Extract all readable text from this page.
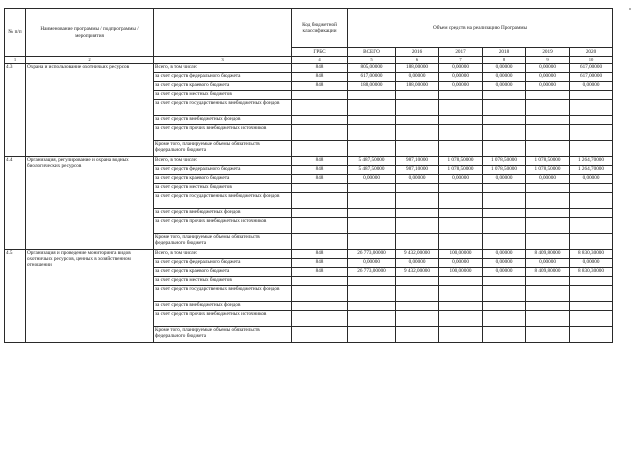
№ п/п	Наименование программы / подпрограммы / мероприятия		Код бюджетной классификации	Объем средств на реализацию Программы					
			ГРБС	ВСЕГО	2016	2017	2018	2019	2020
1	2	3	4	5	6	7	8	9	10
4.3	Охрана и использование охотничьих ресурсов	Всего, в том числе:	848	805,00000	188,00000	0,00000	0,00000	0,00000	617,00000
		за счет средств федерального бюджета	848	617,00000	0,00000	0,00000	0,00000	0,00000	617,00000
		за счет средств краевого бюджета	848	188,00000	188,00000	0,00000	0,00000	0,00000	0,00000
		за счет средств местных бюджетов							
		за счет средств государственных внебюджетных фондов							
		за счет средств внебюджетных фондов							
		за счет средств прочих внебюджетных источников							
		Кроме того, планируемые объемы обязательств федерального бюджета							
4.4	Организация, регулирование и охрана водных биологических ресурсов	Всего, в том числе:	848	5 487,50000	987,10000	1 078,50000	1 078,50000	1 078,50000	1 264,70000
		за счет средств федерального бюджета	848	5 487,50000	987,10000	1 078,50000	1 078,50000	1 078,50000	1 264,70000
		за счет средств краевого бюджета	848	0,00000	0,00000	0,00000	0,00000	0,00000	0,00000
		за счет средств местных бюджетов							
		за счет средств государственных внебюджетных фондов							
		за счет средств внебюджетных фондов							
		за счет средств прочих внебюджетных источников							
		Кроме того, планируемые объемы обязательств федерального бюджета							
4.5	Организация и проведение мониторинга видов охотничьих ресурсов, ценных в хозяйственном отношении	Всего, в том числе:	848	26 773,00000	9 432,00000	100,00000	0,00000	8 409,80000	8 830,30000
		за счет средств федерального бюджета	848	0,00000	0,00000	0,00000	0,00000	0,00000	0,00000
		за счет средств краевого бюджета	848	26 773,00000	9 432,00000	100,00000	0,00000	8 409,80000	8 830,30000
		за счет средств местных бюджетов							
		за счет средств государственных внебюджетных фондов							
		за счет средств внебюджетных фондов							
		за счет средств прочих внебюджетных источников							
		Кроме того, планируемые объемы обязательств федерального бюджета							
